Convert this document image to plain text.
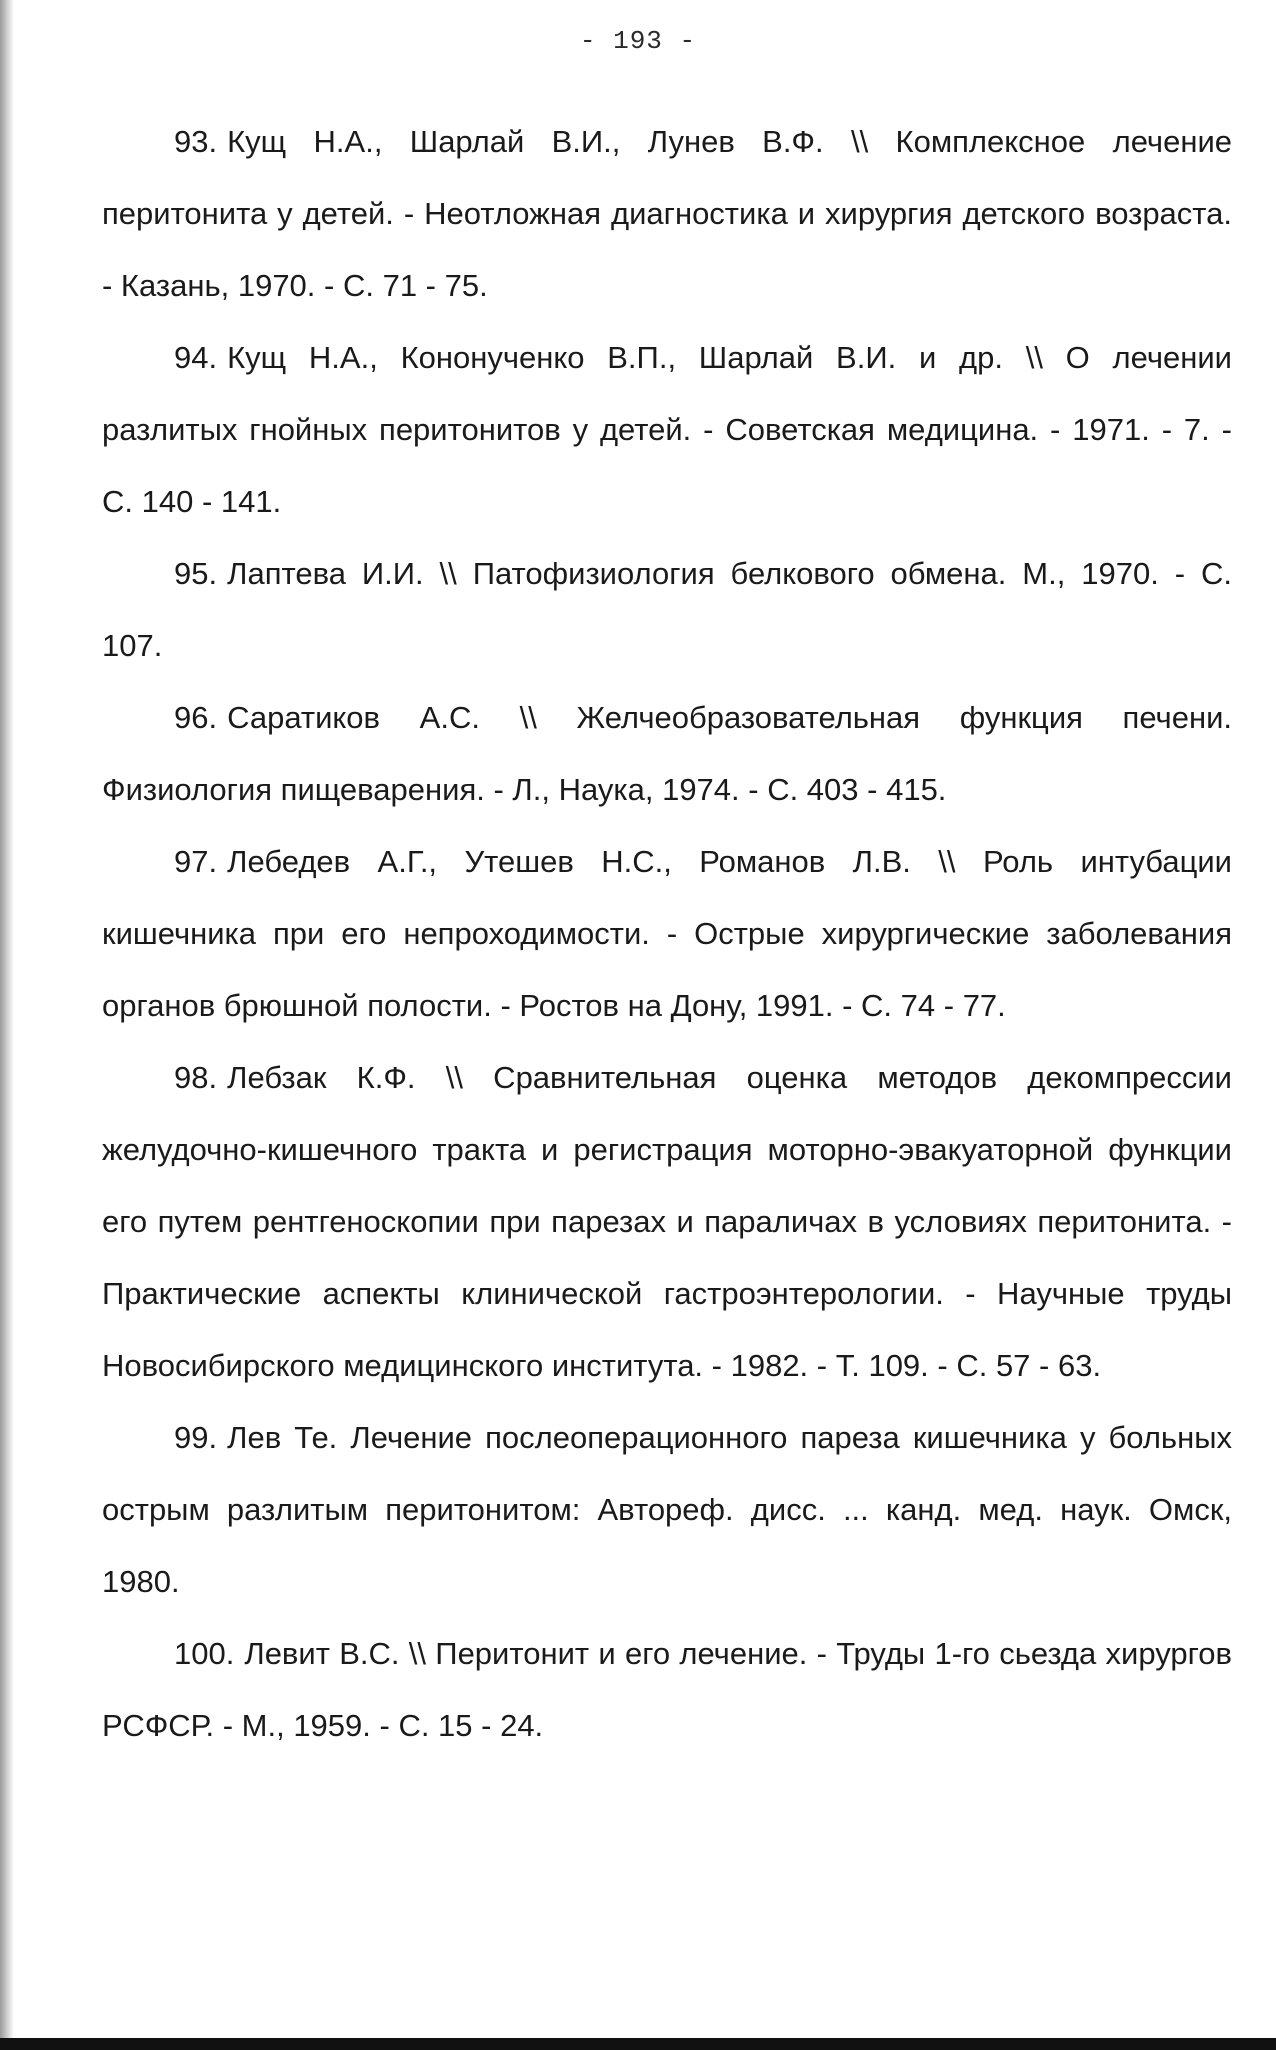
- 193 -

93. Кущ Н.А., Шарлай В.И., Лунев В.Ф. \\ Комплексное лечение перитонита у детей. - Неотложная диагностика и хирургия детского возраста. - Казань, 1970. - С. 71 - 75.

94. Кущ Н.А., Кононученко В.П., Шарлай В.И. и др. \\ О лечении разлитых гнойных перитонитов у детей. - Советская медицина. - 1971. - 7. - С. 140 - 141.

95. Лаптева И.И. \\ Патофизиология белкового обмена. М., 1970. - С. 107.

96. Саратиков А.С. \\ Желчеобразовательная функция печени. Физиология пищеварения. - Л., Наука, 1974. - С. 403 - 415.

97. Лебедев А.Г., Утешев Н.С., Романов Л.В. \\ Роль интубации кишечника при его непроходимости. - Острые хирургические заболевания органов брюшной полости. - Ростов на Дону, 1991. - С. 74 - 77.

98. Лебзак К.Ф. \\ Сравнительная оценка методов декомпрессии желудочно-кишечного тракта и регистрация моторно-эвакуаторной функции его путем рентгеноскопии при парезах и параличах в условиях перитонита. - Практические аспекты клинической гастроэнтерологии. - Научные труды Новосибирского медицинского института. - 1982. - Т. 109. - С. 57 - 63.

99. Лев Те. Лечение послеоперационного пареза кишечника у больных острым разлитым перитонитом: Автореф. дисс. ... канд. мед. наук. Омск, 1980.

100. Левит В.С. \\ Перитонит и его лечение. - Труды 1-го сьезда хирургов РСФСР. - М., 1959. - С. 15 - 24.
